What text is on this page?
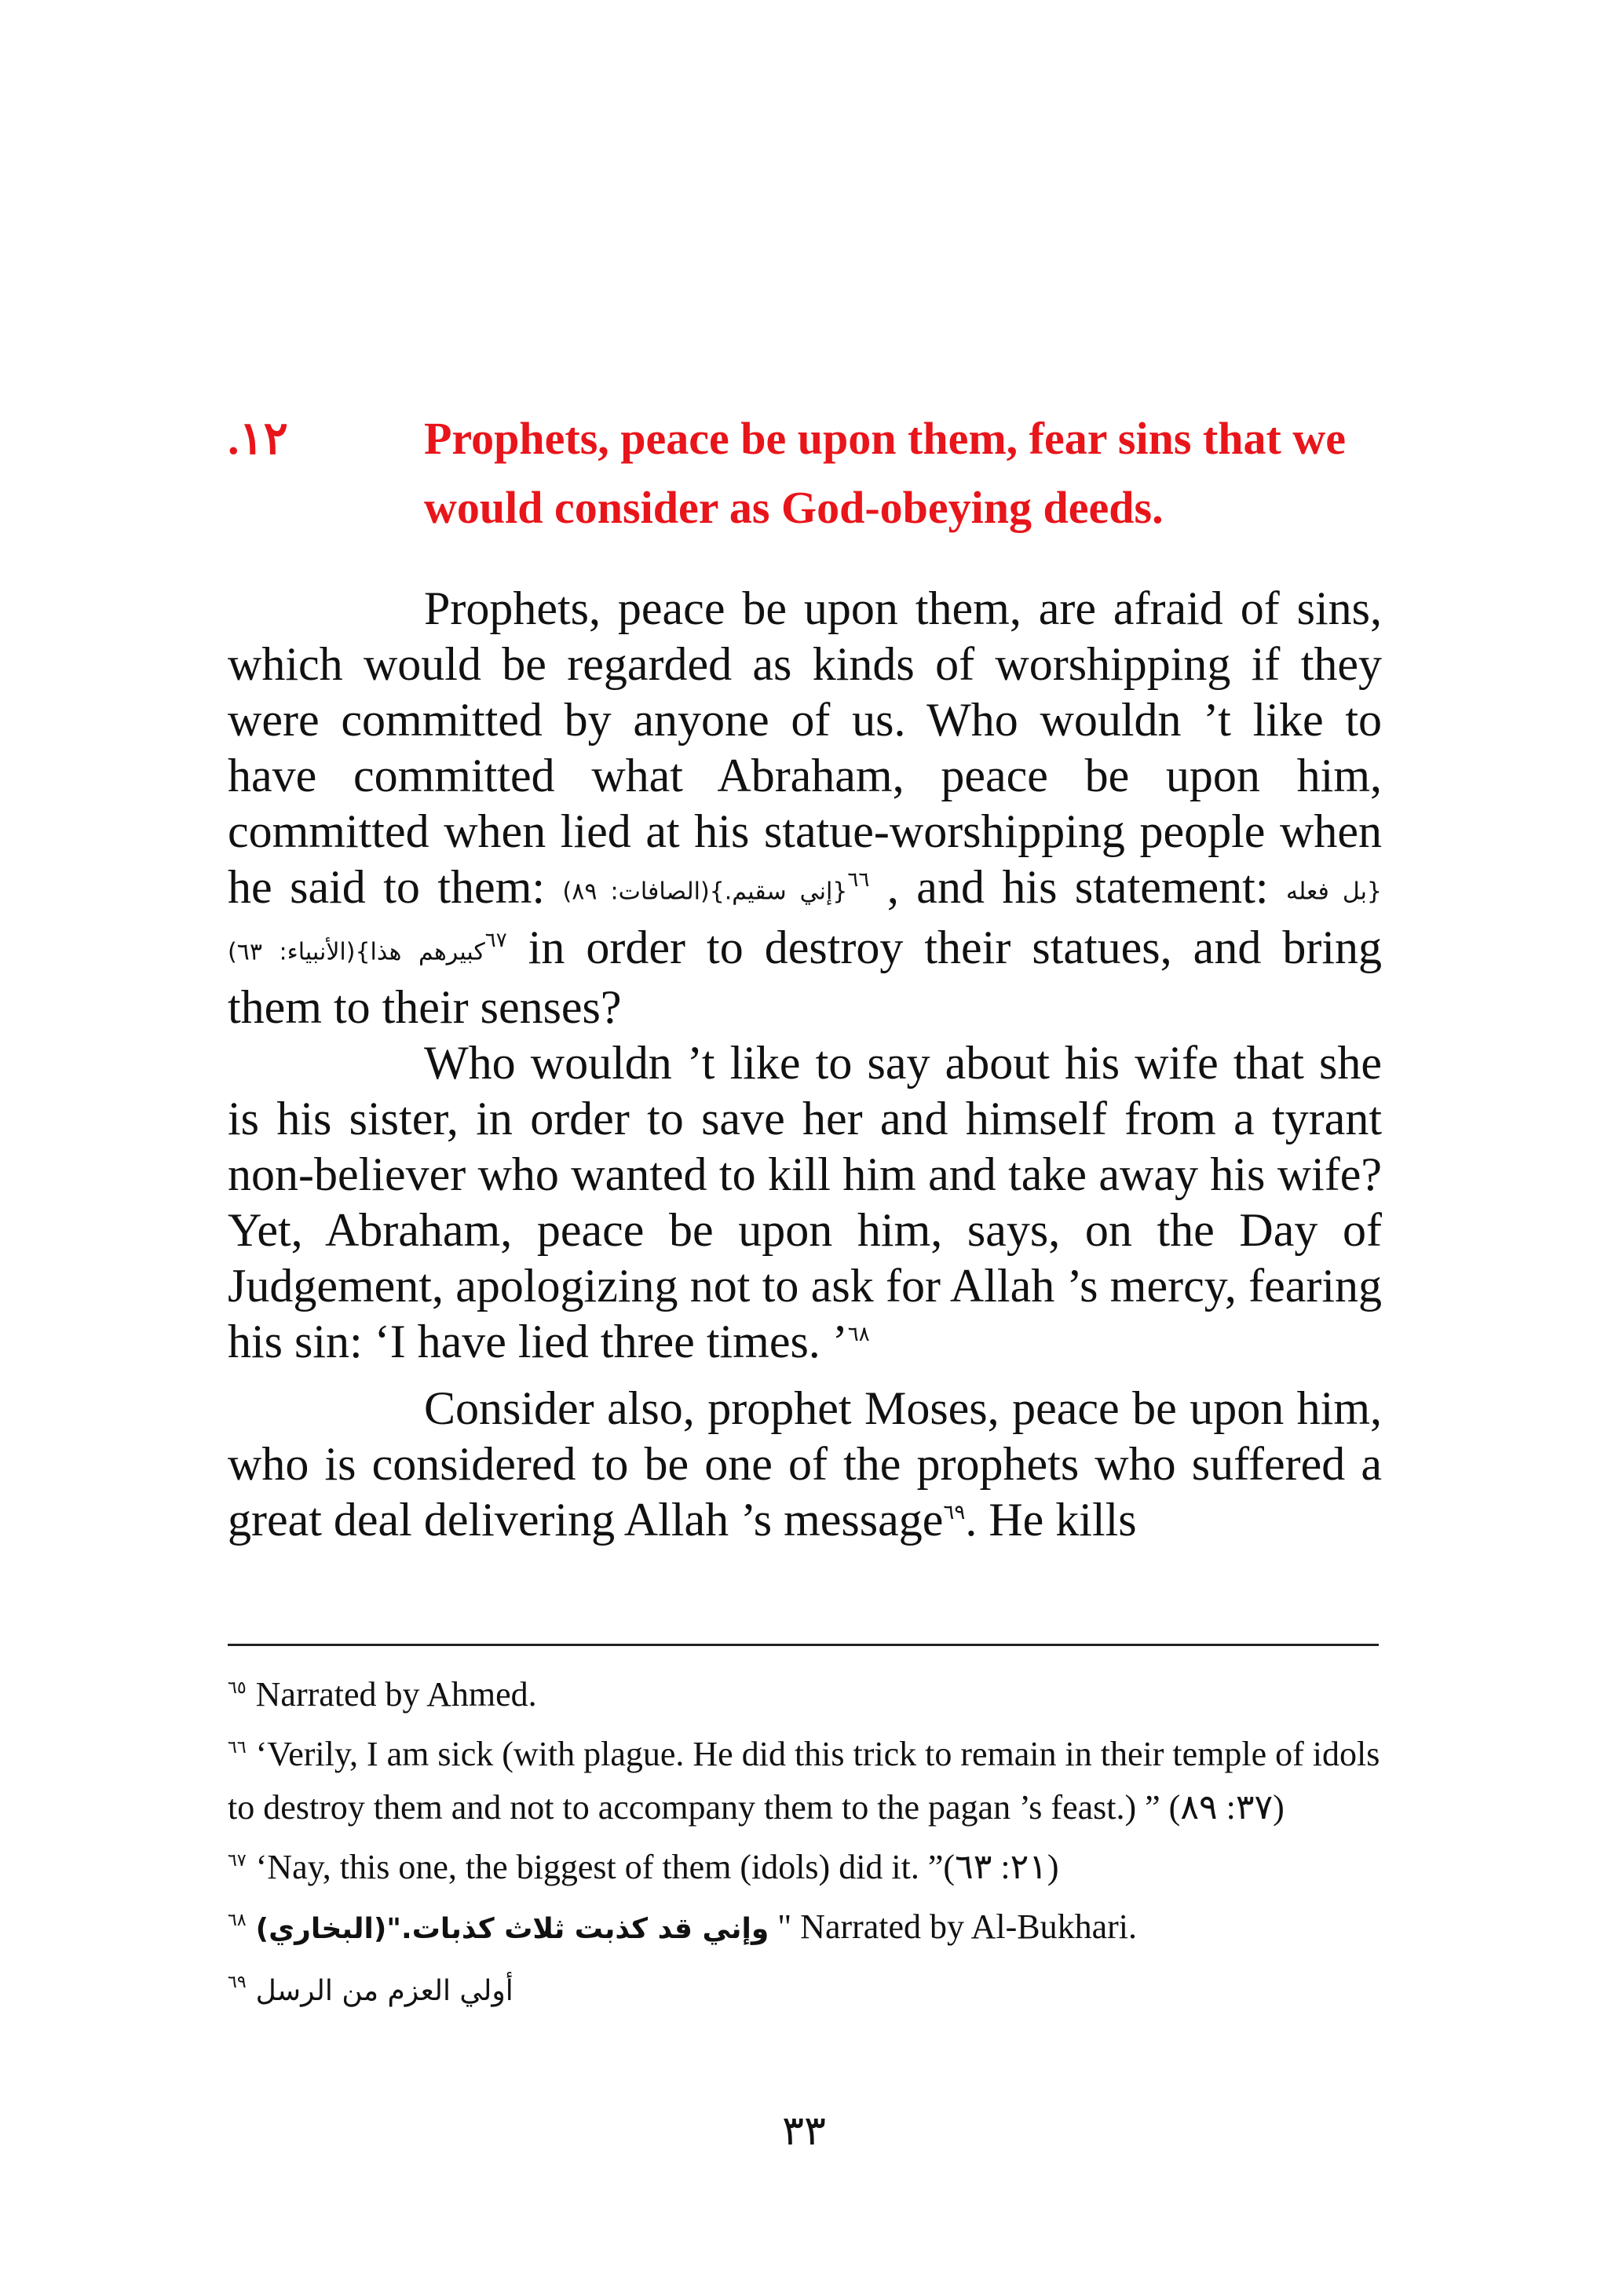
١٢.	Prophets, peace be upon them, fear sins that we would consider as God-obeying deeds.

Prophets, peace be upon them, are afraid of sins, which would be regarded as kinds of worshipping if they were committed by anyone of us. Who wouldn ’t like to have committed what Abraham, peace be upon him, committed when lied at his statue-worshipping people when he said to them: {إني سقيم.}(الصافات: ٨٩)$^{٦٦}$ , and his statement: {بل فعله كبيرهم هذا}(الأنبياء: ٦٣)$^{٦٧}$ in order to destroy their statues, and bring them to their senses?

Who wouldn ’t like to say about his wife that she is his sister, in order to save her and himself from a tyrant non-believer who wanted to kill him and take away his wife? Yet, Abraham, peace be upon him, says, on the Day of Judgement, apologizing not to ask for Allah ’s mercy, fearing his sin: ‘I have lied three times. ’$^{٦٨}$

Consider also, prophet Moses, peace be upon him, who is considered to be one of the prophets who suffered a great deal delivering Allah ’s message$^{٦٩}$. He kills

$^{٦٥}$ Narrated by Ahmed.

$^{٦٦}$ ‘Verily, I am sick (with plague. He did this trick to remain in their temple of idols to destroy them and not to accompany them to the pagan ’s feast.) ” (٣٧: ٨٩)

$^{٦٧}$ ‘Nay, this one, the biggest of them (idols) did it. ”(٢١: ٦٣)

$^{٦٨}$ وإني قد كذبت ثلاث كذبات."(البخاري) " Narrated by Al-Bukhari.

$^{٦٩}$ أولي العزم من الرسل

٣٣
